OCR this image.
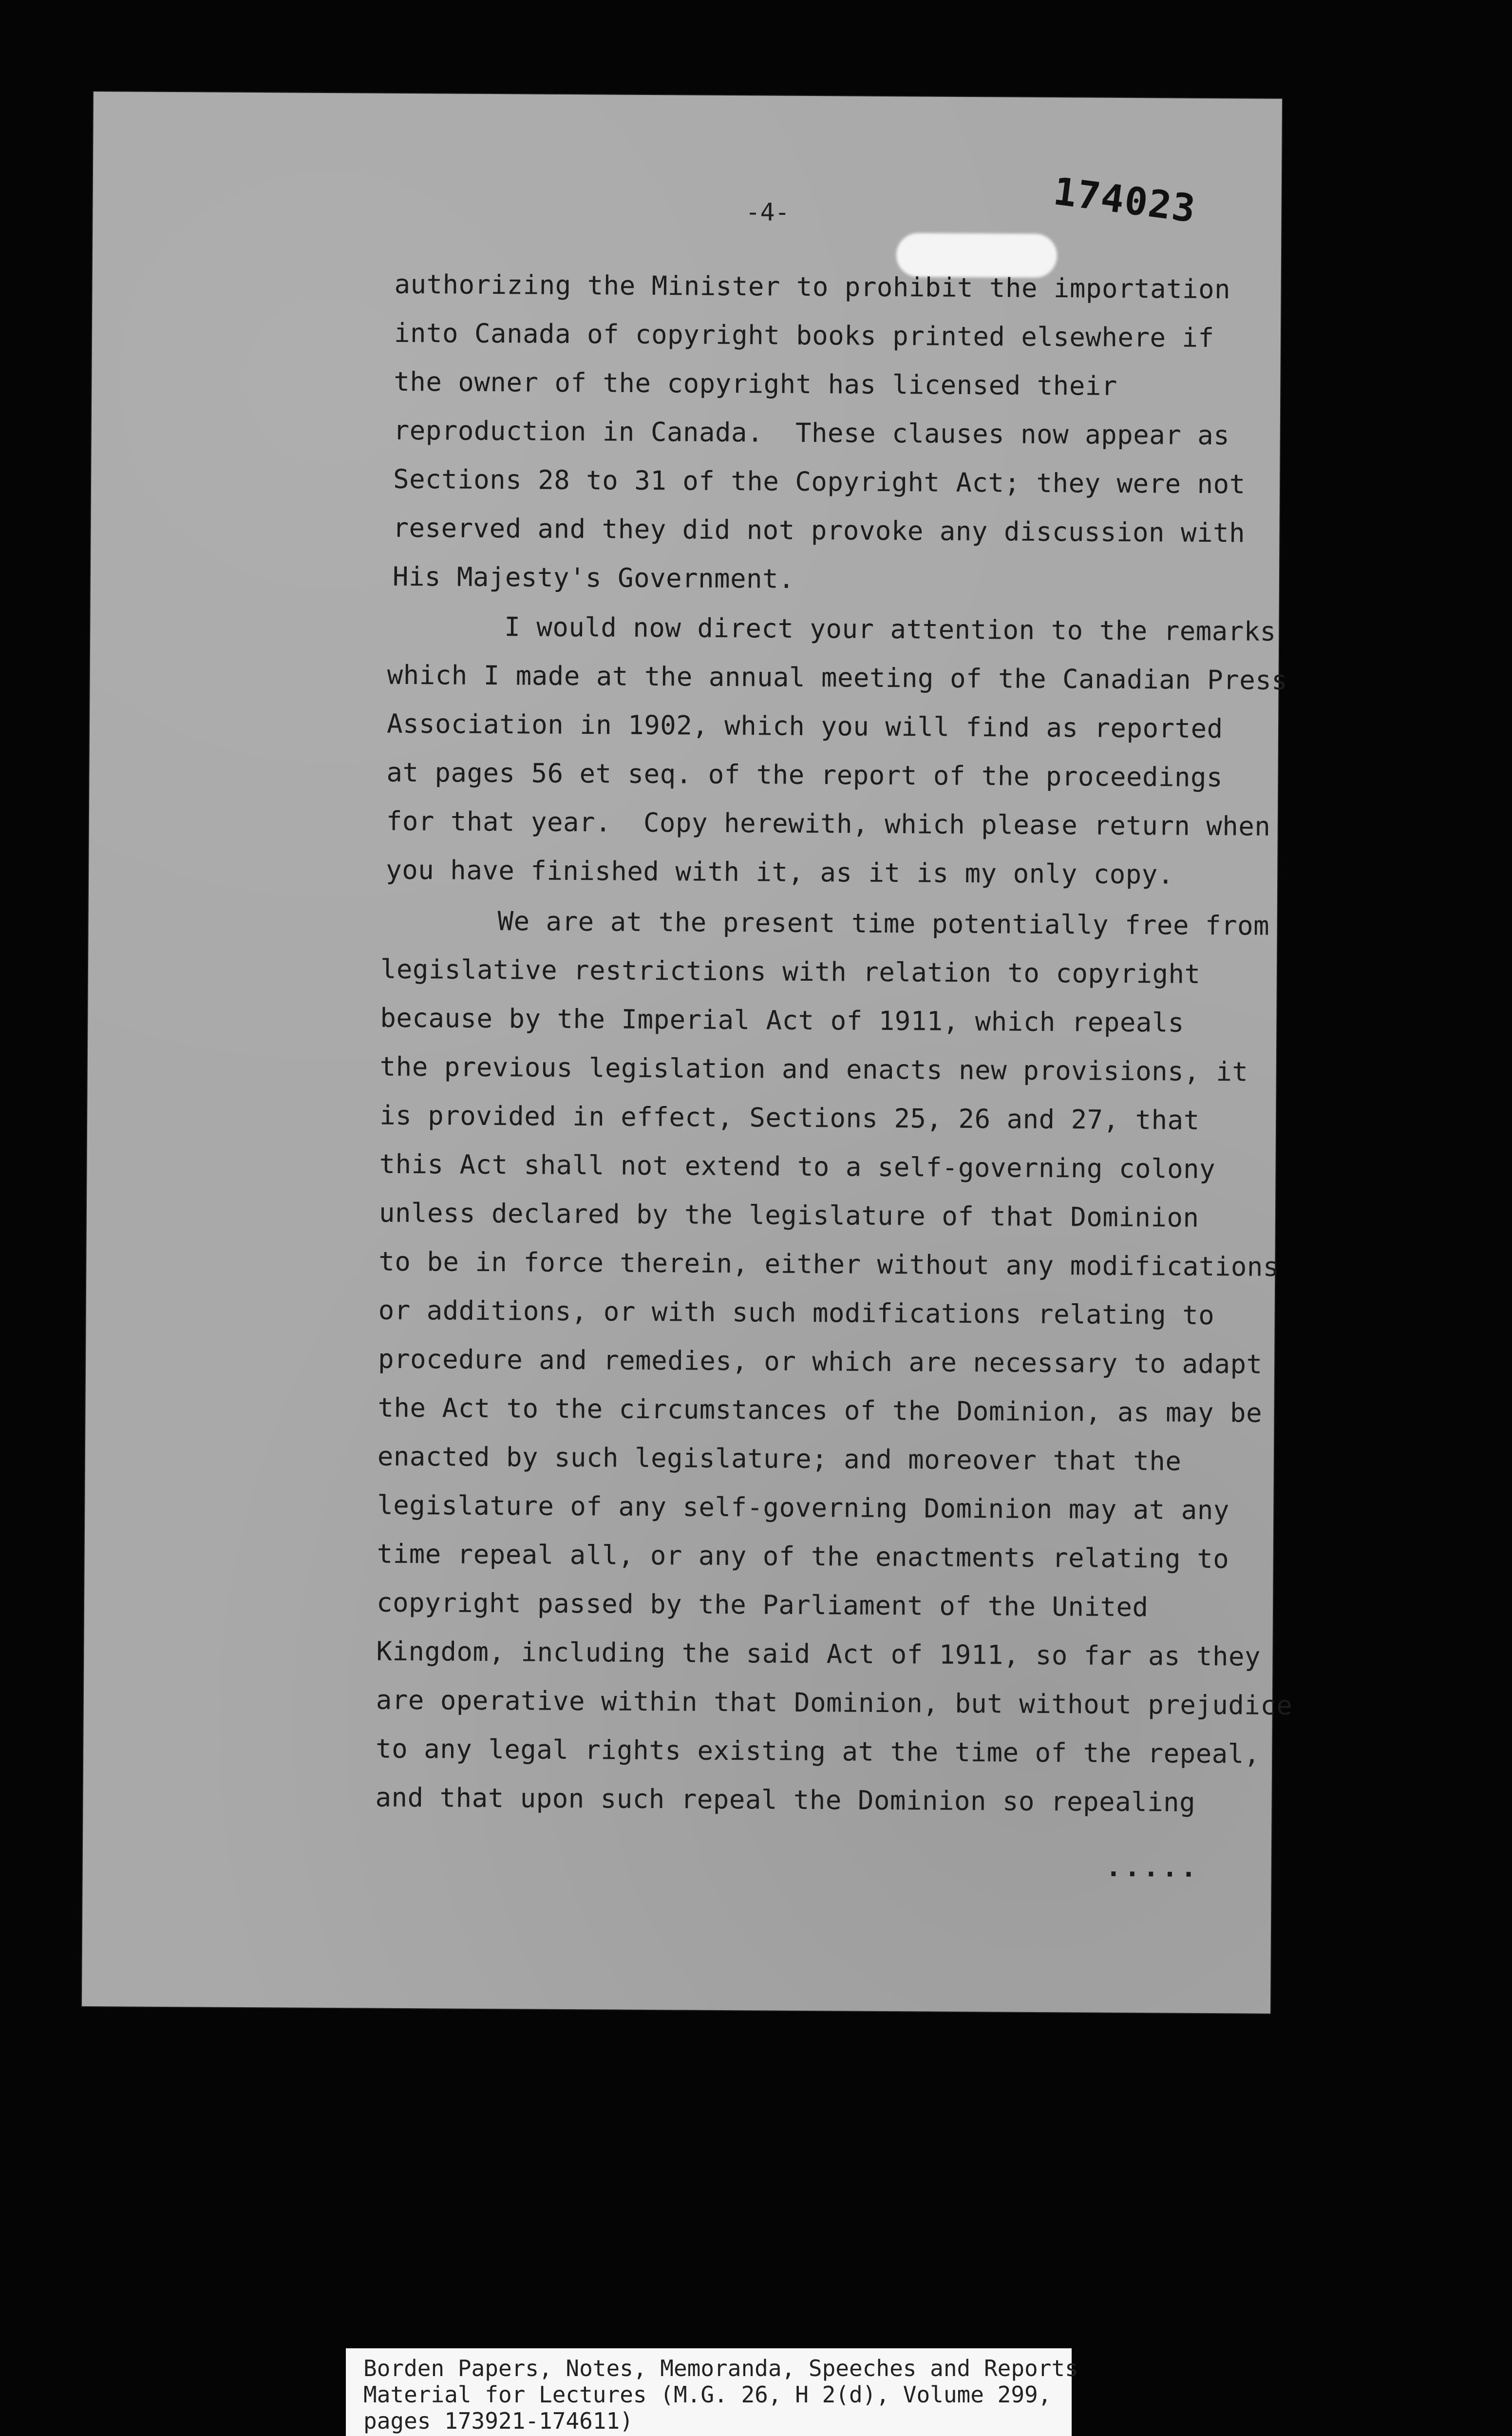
-4-	174023
authorizing the Minister to prohibit the importation
into Canada of copyright books printed elsewhere if
the owner of the copyright has licensed their
reproduction in Canada.  These clauses now appear as
Sections 28 to 31 of the Copyright Act; they were not
reserved and they did not provoke any discussion with
His Majesty's Government.
I would now direct your attention to the remarks
which I made at the annual meeting of the Canadian Press
Association in 1902, which you will find as reported
at pages 56 et seq. of the report of the proceedings
for that year.  Copy herewith, which please return when
you have finished with it, as it is my only copy.
We are at the present time potentially free from
legislative restrictions with relation to copyright
because by the Imperial Act of 1911, which repeals
the previous legislation and enacts new provisions, it
is provided in effect, Sections 25, 26 and 27, that
this Act shall not extend to a self-governing colony
unless declared by the legislature of that Dominion
to be in force therein, either without any modifications
or additions, or with such modifications relating to
procedure and remedies, or which are necessary to adapt
the Act to the circumstances of the Dominion, as may be
enacted by such legislature; and moreover that the
legislature of any self-governing Dominion may at any
time repeal all, or any of the enactments relating to
copyright passed by the Parliament of the United
Kingdom, including the said Act of 1911, so far as they
are operative within that Dominion, but without prejudice
to any legal rights existing at the time of the repeal,
and that upon such repeal the Dominion so repealing
.....
Borden Papers, Notes, Memoranda, Speeches and Reports
Material for Lectures (M.G. 26, H 2(d), Volume 299,
pages 173921-174611)
